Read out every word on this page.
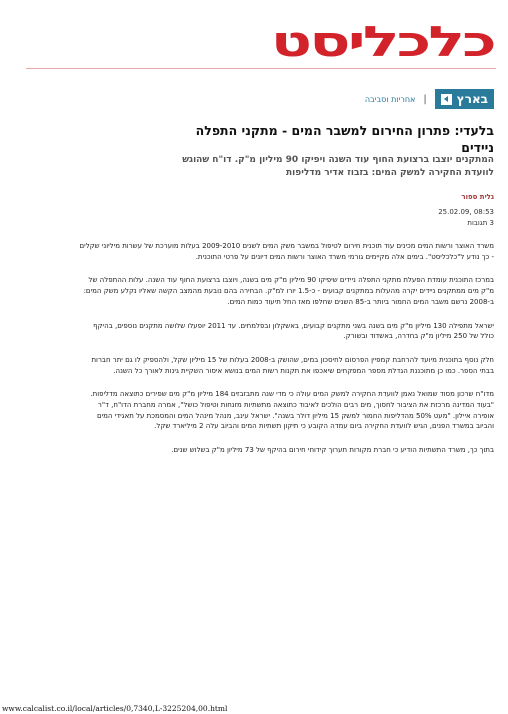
כלכליסט
בארץ
|
אחריות וסביבה
בלעדי: פתרון החירום למשבר המים - מתקני התפלה ניידים
המתקנים יוצבו ברצועת החוף עוד השנה ויפיקו 90 מיליון מ"ק. דו"ח שהוגש לוועדת החקירה למשק המים: בזבוז אדיר מדליפות
גלית ספור
25.02.09, 08:53
3 תגובות

משרד האוצר ורשות המים מכינים עוד תוכנית חירום לטיפול במשבר משק המים לשנים 2009-2010 בעלות מוערכת של עשרות מיליוני שקלים - כך נודע ל"כלכליסט". בימים אלה מקיימים גורמי משרד האוצר ורשות המים דיונים על פרטי התוכנית.

במרכז התוכנית עומדת הפעלת מתקני התפלה ניידים שיפיקו 90 מיליון מ"ק מים בשנה, ויוצבו ברצועת החוף עוד השנה. עלות ההתפלה של מ"ק מים ממתקנים ניידים יקרה מהעלות במתקנים קבועים - כ-1.5 יורו למ"ק. הבחירה בהם נובעת מהמצב הקשה שאליו נקלע משק המים: ב-2008 נרשם משבר המים החמור ביותר ב-85 השנים שחלפו מאז החל תיעוד כמות המים.

ישראל מתפילה 130 מיליון מ"ק מים בשנה בשני מתקנים קבועים, באשקלון ובפלמחים. עד 2011 יופעלו שלושה מתקנים נוספים, בהיקף כולל של 250 מיליון מ"ק בחדרה, באשדוד ובשורק.

חלק נוסף בתוכנית מיועד להרחבת קמפיין הפרסום לחיסכון במים, שהושק ב-2008 בעלות של 15 מיליון שקל, ולהספיק לו גם יתר חברות בבתי הספר. כמו כן מתוכננת הגדלת מספר המפקחים שיאכפו את תקנות רשות המים בנושא איסור השקיית גינות לאורך כל השנה.

מדו"ח שרכון מסוד שמואל נאמן לוועדת החקירה למשק המים עולה כי מדי שנה מתבזבזים 184 מיליון מ"ק מים שפירים כתוצאה מדליפות. "בעוד המדינה מרכזת את הציבור לחסוך, מים רבים הולכים לאיבוד כתוצאה מתשתיות מזנחות וטיפול כושל", אמרה מחברת הדו"ח, ד"ר אופירה איילון. "מעט 50% מהדליפות החמור למשק 15 מיליון דולר בשנה". ישראל עינב, מנהל מינהל המים והמסמכת על תאגידי המים והביוב במשרד הפנים, הגיש לוועדת החקירה ביום עמדה הקובע כי תיקון תשתיות המים והביוב עלה 2 מיליארד שקל.

בתוך כך, משרד התשתיות הודיע כי חברת מקורות תערוך קידוחי חירום בהיקף של 73 מיליון מ"ק בשלוש שנים.

www.calcalist.co.il/local/articles/0,7340,L-3225204,00.html
